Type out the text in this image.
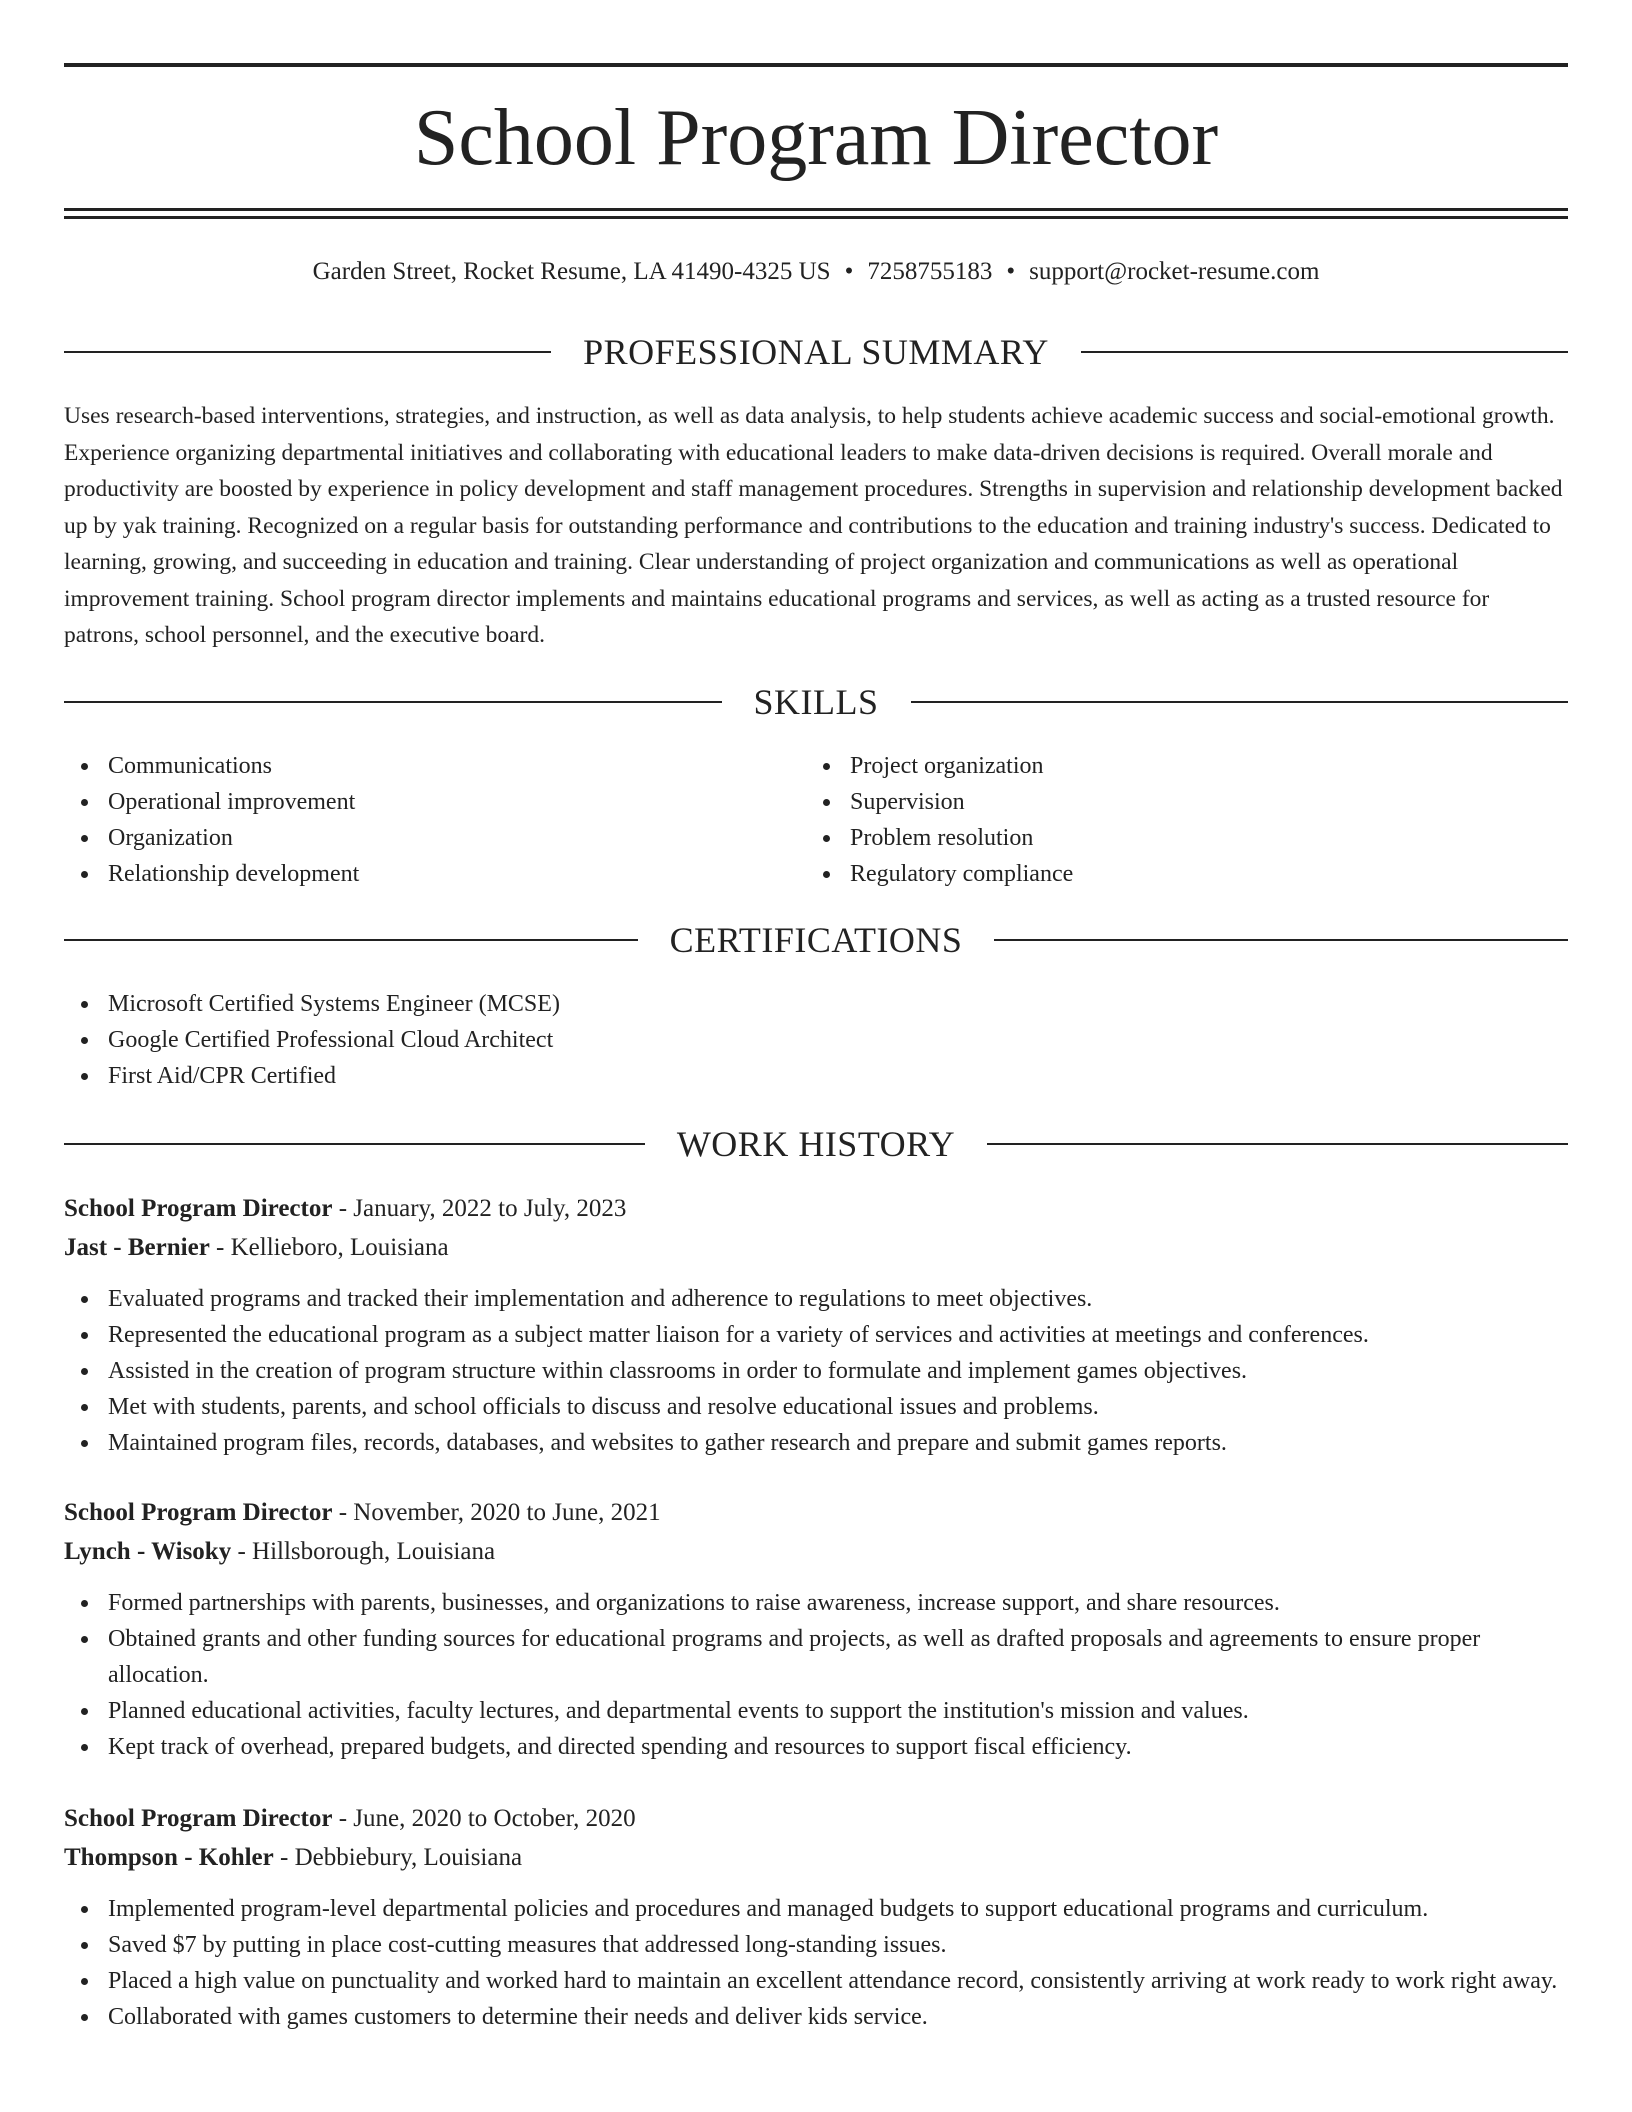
School Program Director
Garden Street, Rocket Resume, LA 41490-4325 US • 7258755183 • support@rocket-resume.com
PROFESSIONAL SUMMARY

Uses research-based interventions, strategies, and instruction, as well as data analysis, to help students achieve academic success and social-emotional growth. Experience organizing departmental initiatives and collaborating with educational leaders to make data-driven decisions is required. Overall morale and productivity are boosted by experience in policy development and staff management procedures. Strengths in supervision and relationship development backed up by yak training. Recognized on a regular basis for outstanding performance and contributions to the education and training industry's success. Dedicated to learning, growing, and succeeding in education and training. Clear understanding of project organization and communications as well as operational improvement training. School program director implements and maintains educational programs and services, as well as acting as a trusted resource for patrons, school personnel, and the executive board.

SKILLS
Communications
Operational improvement
Organization
Relationship development
Project organization
Supervision
Problem resolution
Regulatory compliance
CERTIFICATIONS
Microsoft Certified Systems Engineer (MCSE)
Google Certified Professional Cloud Architect
First Aid/CPR Certified
WORK HISTORY
School Program Director - January, 2022 to July, 2023
Jast - Bernier - Kellieboro, Louisiana
Evaluated programs and tracked their implementation and adherence to regulations to meet objectives.
Represented the educational program as a subject matter liaison for a variety of services and activities at meetings and conferences.
Assisted in the creation of program structure within classrooms in order to formulate and implement games objectives.
Met with students, parents, and school officials to discuss and resolve educational issues and problems.
Maintained program files, records, databases, and websites to gather research and prepare and submit games reports.
School Program Director - November, 2020 to June, 2021
Lynch - Wisoky - Hillsborough, Louisiana
Formed partnerships with parents, businesses, and organizations to raise awareness, increase support, and share resources.
Obtained grants and other funding sources for educational programs and projects, as well as drafted proposals and agreements to ensure proper allocation.
Planned educational activities, faculty lectures, and departmental events to support the institution's mission and values.
Kept track of overhead, prepared budgets, and directed spending and resources to support fiscal efficiency.
School Program Director - June, 2020 to October, 2020
Thompson - Kohler - Debbiebury, Louisiana
Implemented program-level departmental policies and procedures and managed budgets to support educational programs and curriculum.
Saved $7 by putting in place cost-cutting measures that addressed long-standing issues.
Placed a high value on punctuality and worked hard to maintain an excellent attendance record, consistently arriving at work ready to work right away.
Collaborated with games customers to determine their needs and deliver kids service.
